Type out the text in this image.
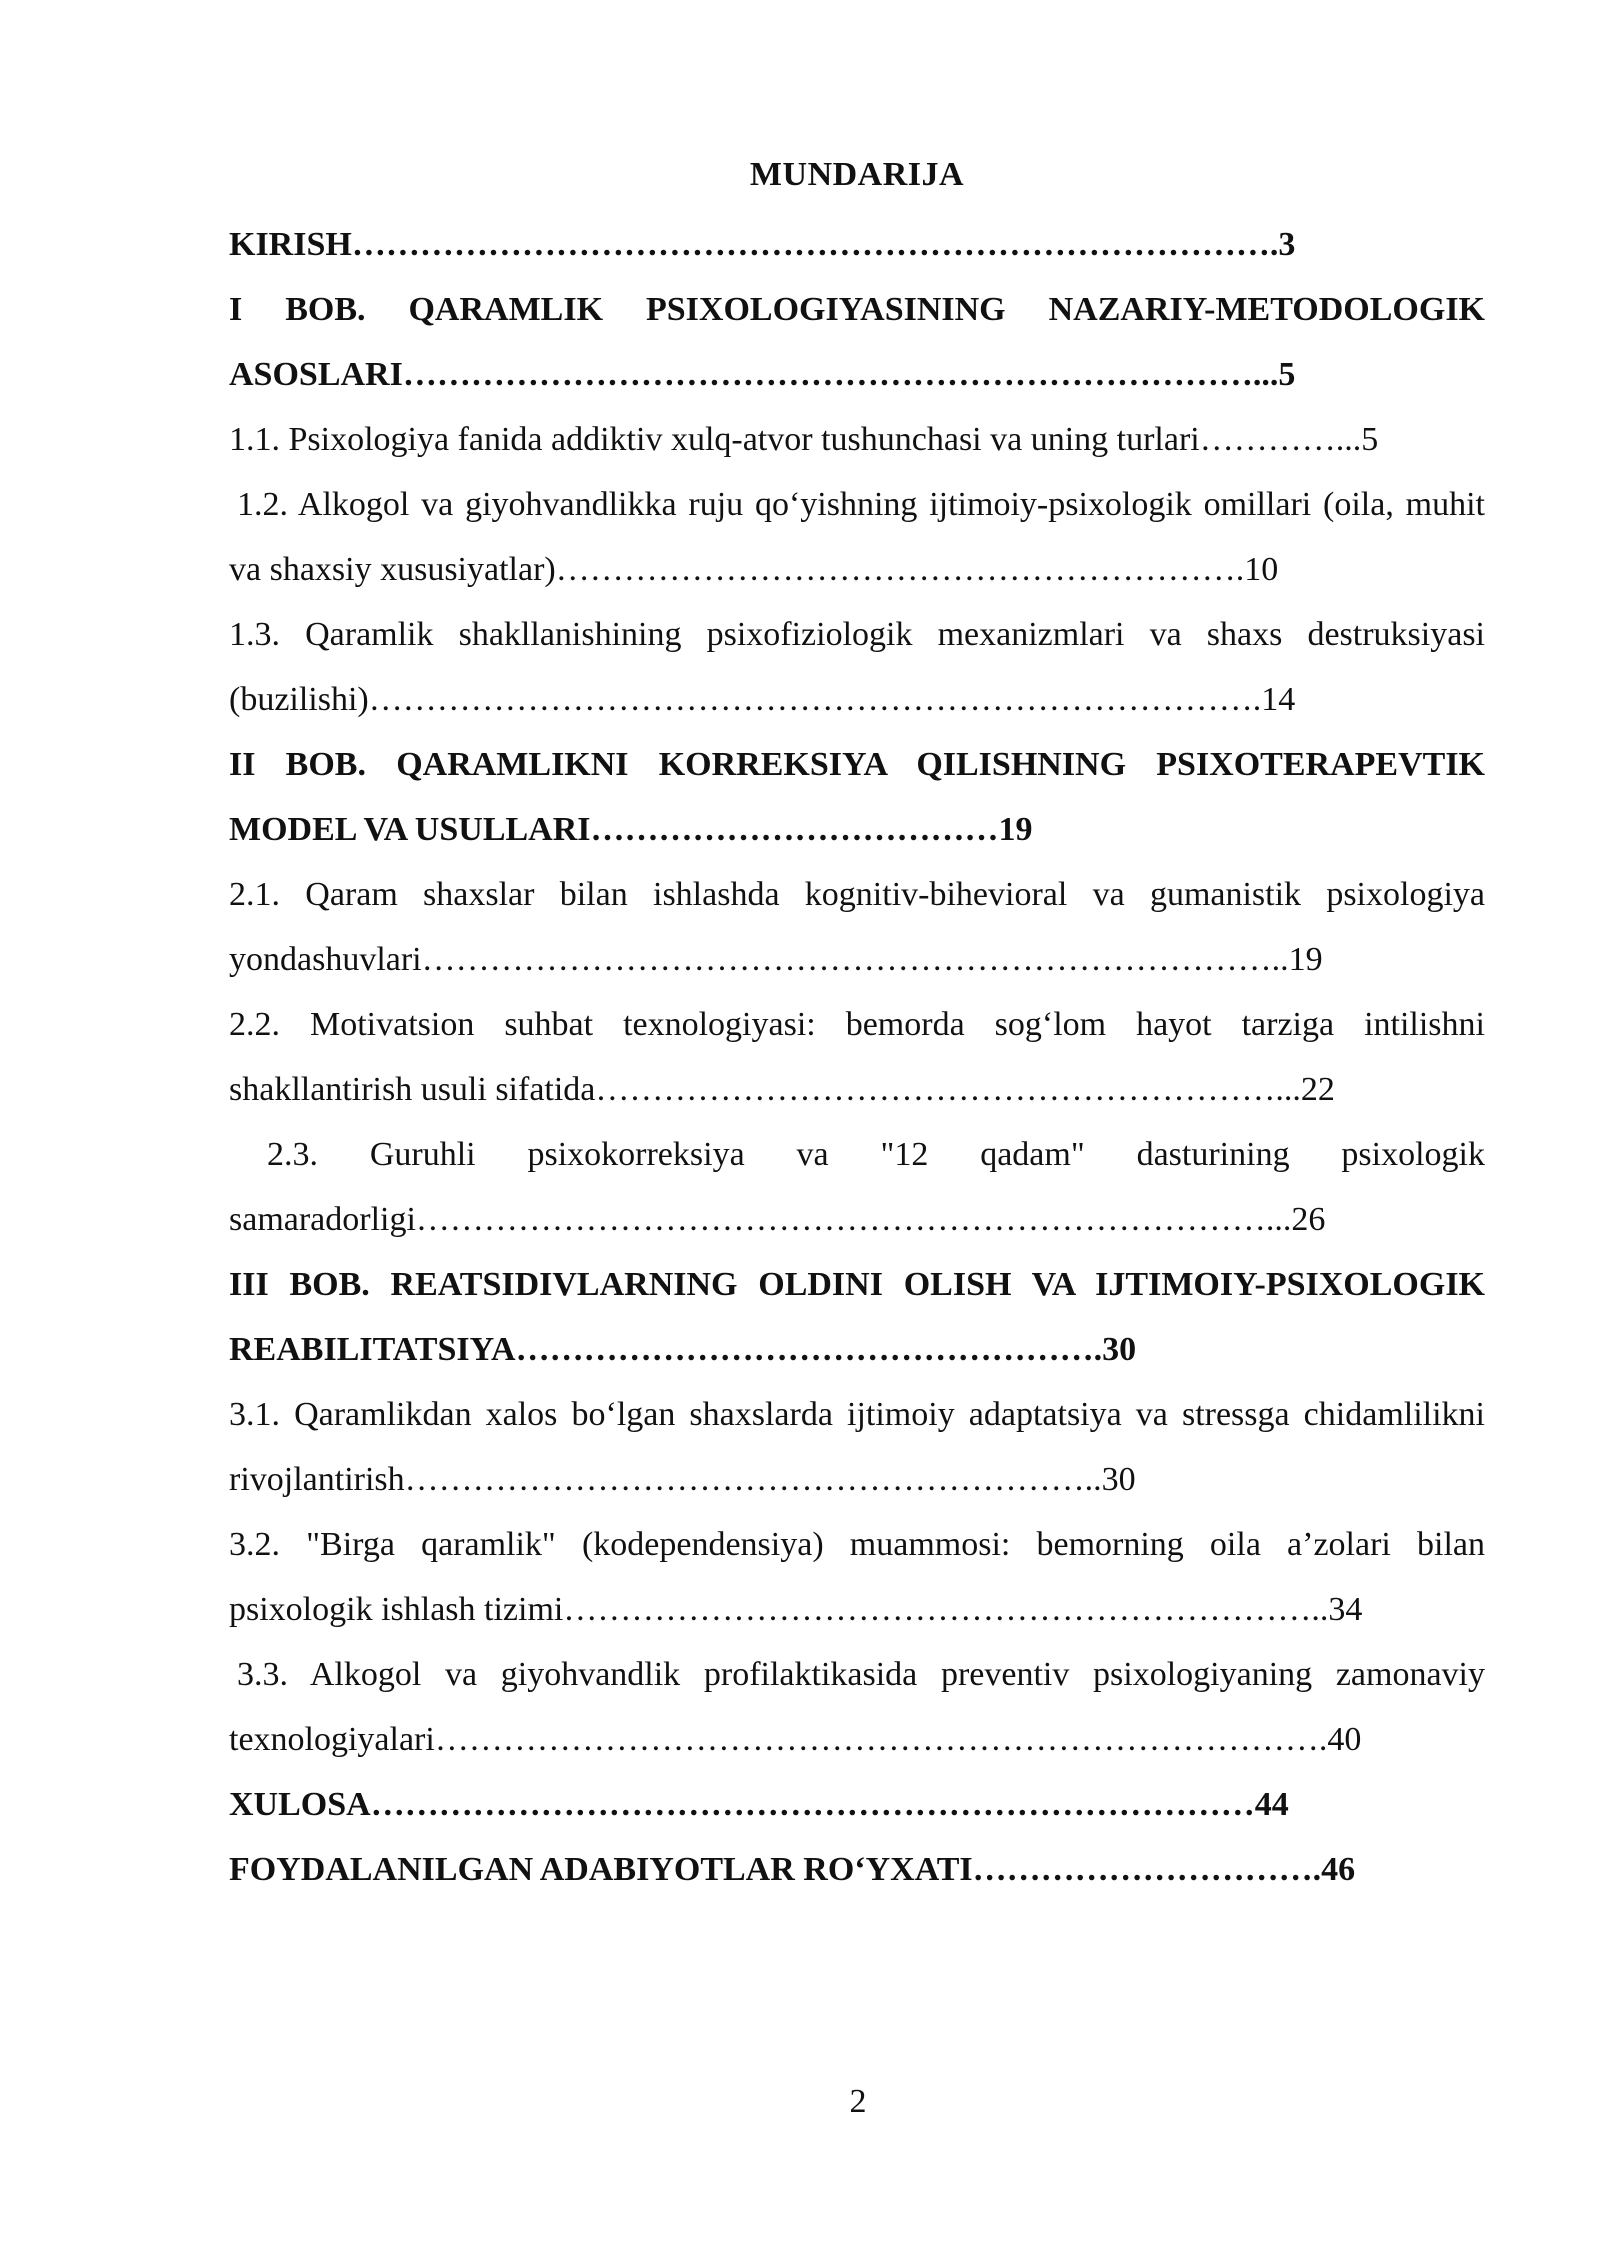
MUNDARIJA

KIRISH……………………………………………………………………….3

I BOB. QARAMLIK PSIXOLOGIYASINING NAZARIY-METODOLOGIK ASOSLARI…………………………………………………………………...5

1.1. Psixologiya fanida addiktiv xulq-atvor tushunchasi va uning turlari…………...5

1.2. Alkogol va giyohvandlikka ruju qo‘yishning ijtimoiy-psixologik omillari (oila, muhit va shaxsiy xususiyatlar)…………………………………………………….10

1.3. Qaramlik shakllanishining psixofiziologik mexanizmlari va shaxs destruksiyasi (buzilishi)…………………………………………………………………….14

II BOB. QARAMLIKNI KORREKSIYA QILISHNING PSIXOTERAPEVTIK MODEL VA USULLARI………………………………19

2.1. Qaram shaxslar bilan ishlashda kognitiv-bihevioral va gumanistik psixologiya yondashuvlari…………………………………………………………………..19

2.2. Motivatsion suhbat texnologiyasi: bemorda sog‘lom hayot tarziga intilishni shakllantirish usuli sifatida……………………………………………………...22

2.3. Guruhli psixokorreksiya va "12 qadam" dasturining psixologik samaradorligi…………………………………………………………………...26

III BOB. REATSIDIVLARNING OLDINI OLISH VA IJTIMOIY-PSIXOLOGIK REABILITATSIYA…………………………………………….30

3.1. Qaramlikdan xalos bo‘lgan shaxslarda ijtimoiy adaptatsiya va stressga chidamlilikni rivojlantirish……………………………………………………..30

3.2. "Birga qaramlik" (kodependensiya) muammosi: bemorning oila a’zolari bilan psixologik ishlash tizimi…………………………………………………………..34

3.3. Alkogol va giyohvandlik profilaktikasida preventiv psixologiyaning zamonaviy texnologiyalari…………………………………………………………………….40

XULOSA……………………………………………………………………44

FOYDALANILGAN ADABIYOTLAR RO‘YXATI………………………….46

2
